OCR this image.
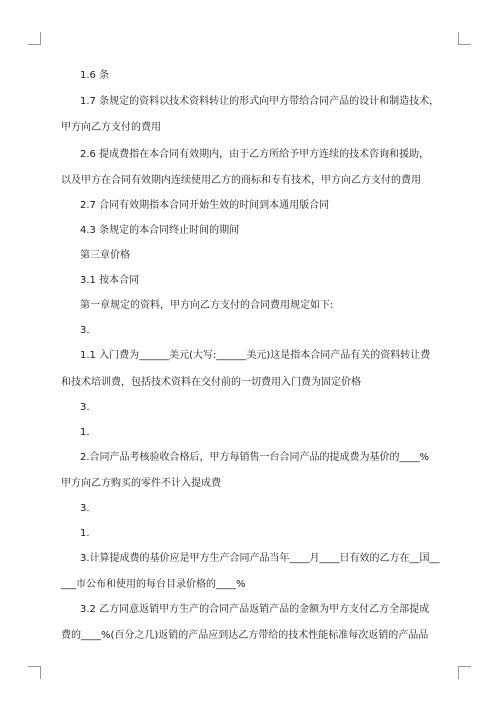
1.6 条
1.7 条规定的资料以技术资料转让的形式向甲方带给合同产品的设计和制造技术，
甲方向乙方支付的费用
2.6 提成费指在本合同有效期内，由于乙方所给予甲方连续的技术咨询和援助，
以及甲方在合同有效期内连续使用乙方的商标和专有技术，甲方向乙方支付的费用
2.7 合同有效期指本合同开始生效的时间到本通用版合同
4.3 条规定的本合同终止时间的期间
第三章价格
3.1 按本合同
第一章规定的资料，甲方向乙方支付的合同费用规定如下:
3.
1.1 入门费为______美元(大写:______美元)这是指本合同产品有关的资料转让费
和技术培训费，包括技术资料在交付前的一切费用入门费为固定价格
3.
1.
2.合同产品考核验收合格后，甲方每销售一台合同产品的提成费为基价的____%
甲方向乙方购买的零件不计入提成费
3.
1.
3.计算提成费的基价应是甲方生产合同产品当年____月____日有效的乙方在__国__
___市公布和使用的每台目录价格的____%
3.2 乙方同意返销甲方生产的合同产品返销产品的金额为甲方支付乙方全部提成
费的____%(百分之几)返销的产品应到达乙方带给的技术性能标准每次返销的产品品
